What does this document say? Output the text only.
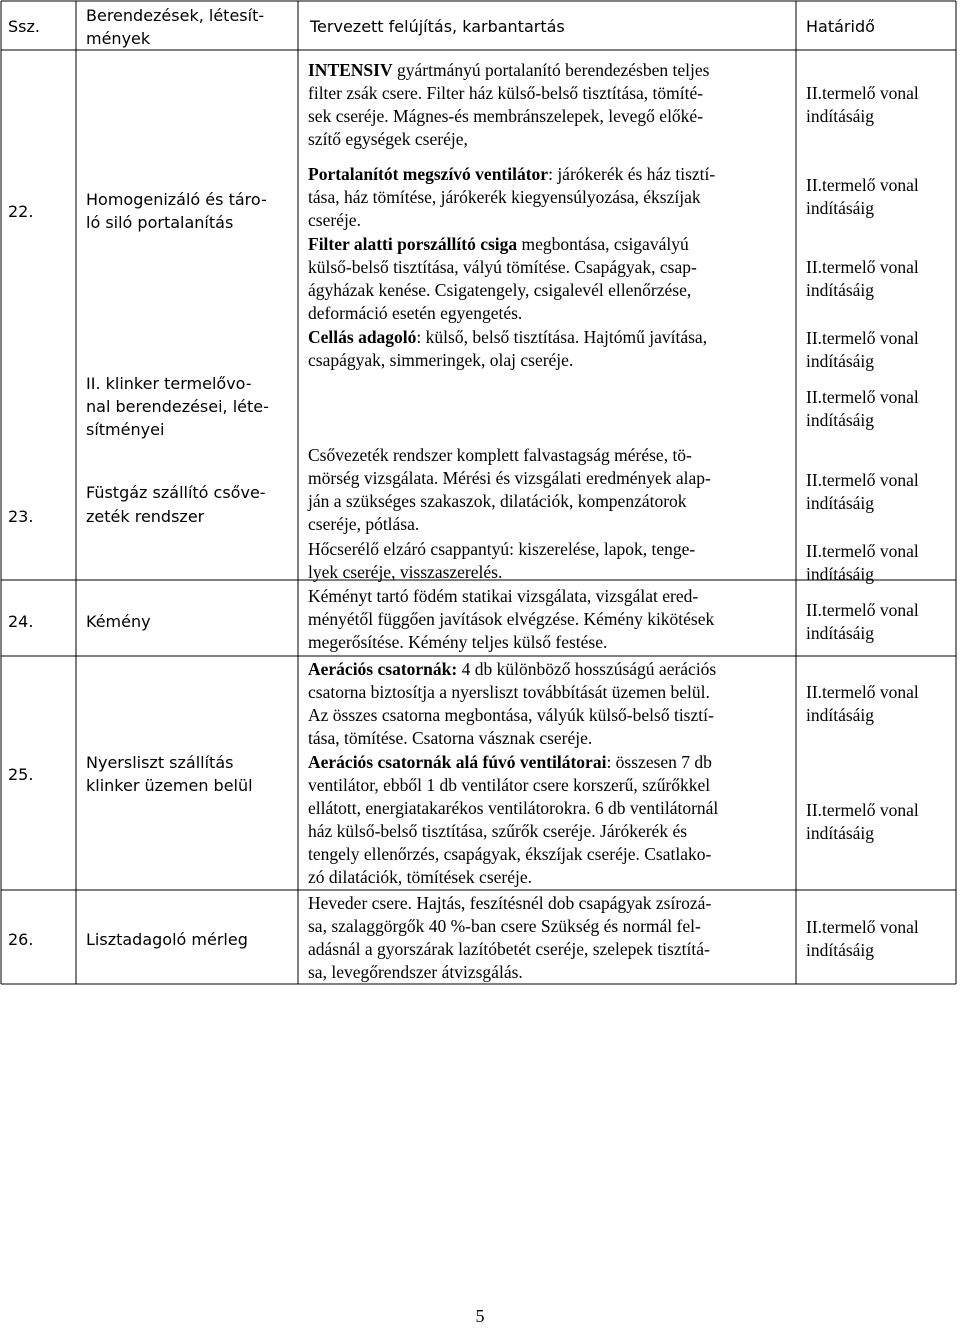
Ssz.
Berendezések, létesít-
mények
Tervezett felújítás, karbantartás	Határidő
22.
23.
24.
25.
26.
Homogenizáló és táro-
ló siló portalanítás
II. klinker termelővo-
nal berendezései, léte-
sítményei
Füstgáz szállító csőve-
zeték rendszer
Kémény
Nyersliszt szállítás
klinker üzemen belül
Lisztadagoló mérleg
INTENSIV gyártmányú portalanító berendezésben teljes
filter zsák csere. Filter ház külső-belső tisztítása, tömíté-
sek cseréje. Mágnes-és membránszelepek, levegő előké-
szítő egységek cseréje,
Portalanítót megszívó ventilátor: járókerék és ház tisztí-
tása, ház tömítése, járókerék kiegyensúlyozása, ékszíjak
cseréje.
Filter alatti porszállító csiga megbontása, csigavályú
külső-belső tisztítása, vályú tömítése. Csapágyak, csap-
ágyházak kenése. Csigatengely, csigalevél ellenőrzése,
deformáció esetén egyengetés.
Cellás adagoló: külső, belső tisztítása. Hajtómű javítása,
csapágyak, simmeringek, olaj cseréje.
Csővezeték rendszer komplett falvastagság mérése, tö-
mörség vizsgálata. Mérési és vizsgálati eredmények alap-
ján a szükséges szakaszok, dilatációk, kompenzátorok
cseréje, pótlása.
Hőcserélő elzáró csappantyú: kiszerelése, lapok, tenge-
lyek cseréje, visszaszerelés.
Kéményt tartó födém statikai vizsgálata, vizsgálat ered-
ményétől függően javítások elvégzése. Kémény kikötések
megerősítése. Kémény teljes külső festése.
Aerációs csatornák: 4 db különböző hosszúságú aerációs
csatorna biztosítja a nyersliszt továbbítását üzemen belül.
Az összes csatorna megbontása, vályúk külső-belső tisztí-
tása, tömítése. Csatorna vásznak cseréje.
Aerációs csatornák alá fúvó ventilátorai: összesen 7 db
ventilátor, ebből 1 db ventilátor csere korszerű, szűrőkkel
ellátott, energiatakarékos ventilátorokra. 6 db ventilátornál
ház külső-belső tisztítása, szűrők cseréje. Járókerék és
tengely ellenőrzés, csapágyak, ékszíjak cseréje. Csatlako-
zó dilatációk, tömítések cseréje.
Heveder csere. Hajtás, feszítésnél dob csapágyak zsírozá-
sa, szalaggörgők 40 %-ban csere Szükség és normál fel-
adásnál a gyorszárak lazítóbetét cseréje, szelepek tisztítá-
sa, levegőrendszer átvizsgálás.
II.termelő vonal
indításáig
II.termelő vonal
indításáig
II.termelő vonal
indításáig
II.termelő vonal
indításáig
II.termelő vonal
indításáig
II.termelő vonal
indításáig
II.termelő vonal
indításáig
II.termelő vonal
indításáig
II.termelő vonal
indításáig
II.termelő vonal
indításáig
II.termelő vonal
indításáig
5
